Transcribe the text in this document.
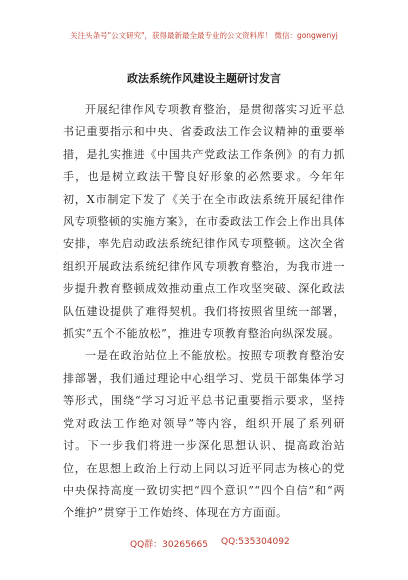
关注头条号"公文研究"，获得最新最全最专业的公文资料库！ 微信：gongwenyj
政法系统作风建设主题研讨发言

开展纪律作风专项教育整治，是贯彻落实习近平总书记重要指示和中央、省委政法工作会议精神的重要举措，是扎实推进《中国共产党政法工作条例》的有力抓手，也是树立政法干警良好形象的必然要求。今年年初，X市制定下发了《关于在全市政法系统开展纪律作风专项整顿的实施方案》，在市委政法工作会上作出具体安排，率先启动政法系统纪律作风专项整顿。这次全省组织开展政法系统纪律作风专项教育整治，为我市进一步提升教育整顿成效推动重点工作攻坚突破、深化政法队伍建设提供了难得契机。我们将按照省里统一部署，抓实“五个不能放松”，推进专项教育整治向纵深发展。

一是在政治站位上不能放松。按照专项教育整治安排部署，我们通过理论中心组学习、党员干部集体学习等形式，围绕“学习习近平总书记重要指示要求，坚持党对政法工作绝对领导”等内容，组织开展了系列研讨。下一步我们将进一步深化思想认识、提高政治站位，在思想上政治上行动上同以习近平同志为核心的党中央保持高度一致切实把“四个意识”“四个自信”和“两个维护”贯穿于工作始终、体现在方方面面。

QQ群：30265665 QQ:535304092
